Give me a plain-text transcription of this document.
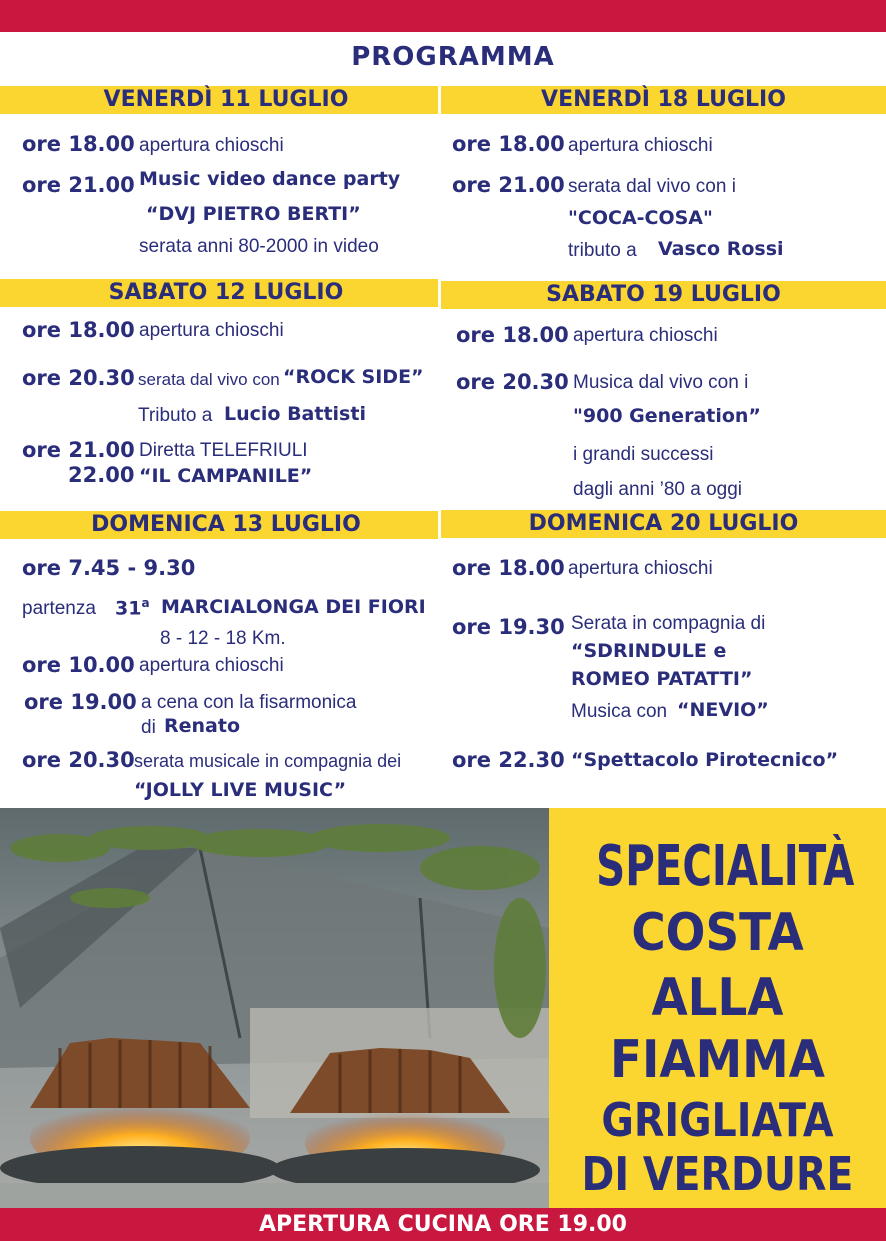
PROGRAMMA
VENERDÌ 11 LUGLIO	VENERDÌ 18 LUGLIO
ore 18.00 apertura chioschi
ore 21.00 Music video dance party
“DVJ PIETRO BERTI”
serata anni 80-2000 in video
ore 18.00 apertura chioschi
ore 21.00 serata dal vivo con i
"COCA-COSA"
tributo a Vasco Rossi
SABATO 12 LUGLIO	SABATO 19 LUGLIO
ore 18.00 apertura chioschi
ore 20.30 serata dal vivo con “ROCK SIDE”
Tributo a Lucio Battisti
ore 21.00 Diretta TELEFRIULI
22.00 “IL CAMPANILE”
ore 18.00 apertura chioschi
ore 20.30 Musica dal vivo con i
"900 Generation”
i grandi successi
dagli anni ’80 a oggi
DOMENICA 13 LUGLIO	DOMENICA 20 LUGLIO
ore 7.45 - 9.30
partenza 31$^a$ MARCIALONGA DEI FIORI
8 - 12 - 18 Km.
ore 10.00 apertura chioschi
ore 19.00 a cena con la fisarmonica
di Renato
ore 20.30 serata musicale in compagnia dei
“JOLLY LIVE MUSIC”
ore 18.00 apertura chioschi
ore 19.30 Serata in compagnia di
“SDRINDULE e
ROMEO PATATTI”
Musica con “NEVIO”
ore 22.30 “Spettacolo Pirotecnico”
SPECIALITÀ
COSTA
ALLA
FIAMMA
GRIGLIATA
DI VERDURE
APERTURA CUCINA ORE 19.00
